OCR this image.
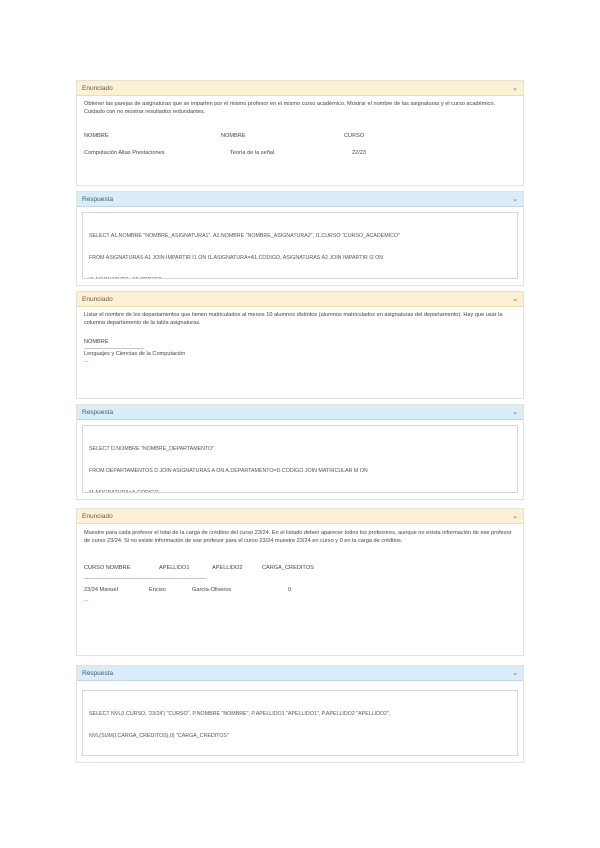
Enunciado	⌄
Obtener las parejas de asignaturas que se imparten por el mismo profesor en el mismo curso académico. Mostrar el nombre de las asignaturas y el curso académico. Cuidado con no mostrar resultados redundantes.
NOMBRE	NOMBRE	CURSO
Computación Altas Prestaciones	Teoría de la señal	22/23
Respuesta	⌄

SELECT A1.NOMBRE "NOMBRE_ASIGNATURA1", A2.NOMBRE "NOMBRE_ASIGNATURA2", I1.CURSO "CURSO_ACADEMICO"

FROM ASIGNATURAS A1 JOIN IMPARTIR I1 ON I1.ASIGNATURA=A1.CODIGO, ASIGNATURAS A2 JOIN IMPARTIR I2 ON

Enunciado	⌄
Listar el nombre de los departamentos que tienen matriculados al menos 10 alumnos distintos (alumnos matriculados en asignaturas del departamento). Hay que usar la columna departamento de la tabla asignaturas.
NOMBRE
--------------------------------------------
Lenguajes y Ciencias de la Computación
...
Respuesta	⌄

SELECT D.NOMBRE "NOMBRE_DEPARTAMENTO"

FROM DEPARTAMENTOS D JOIN ASIGNATURAS A ON A.DEPARTAMENTO=D.CODIGO JOIN MATRICULAR M ON

Enunciado	⌄
Muestre para cada profesor el total de la carga de créditos del curso 23/24. En el listado deben aparecer todos los profesores, aunque no exista información de ese profesor de curso 23/24. Si no existe información de ese profesor para el curso 23/24 muestre 23/24 en curso y 0 en la carga de créditos.
CURSO NOMBRE	APELLIDO1	APELLIDO2	CARGA_CREDITOS
------------------------------------------------------------------------------------------
23/24 Manuel	Enciso	García-Oliveros	0
...
Respuesta	⌄

SELECT NVL(I.CURSO, '23/24') "CURSO", P.NOMBRE "NOMBRE", P.APELLIDO1 "APELLIDO1", P.APELLIDO2 "APELLIDO2",

NVL(SUM(I.CARGA_CREDITOS),0) "CARGA_CREDITOS"
